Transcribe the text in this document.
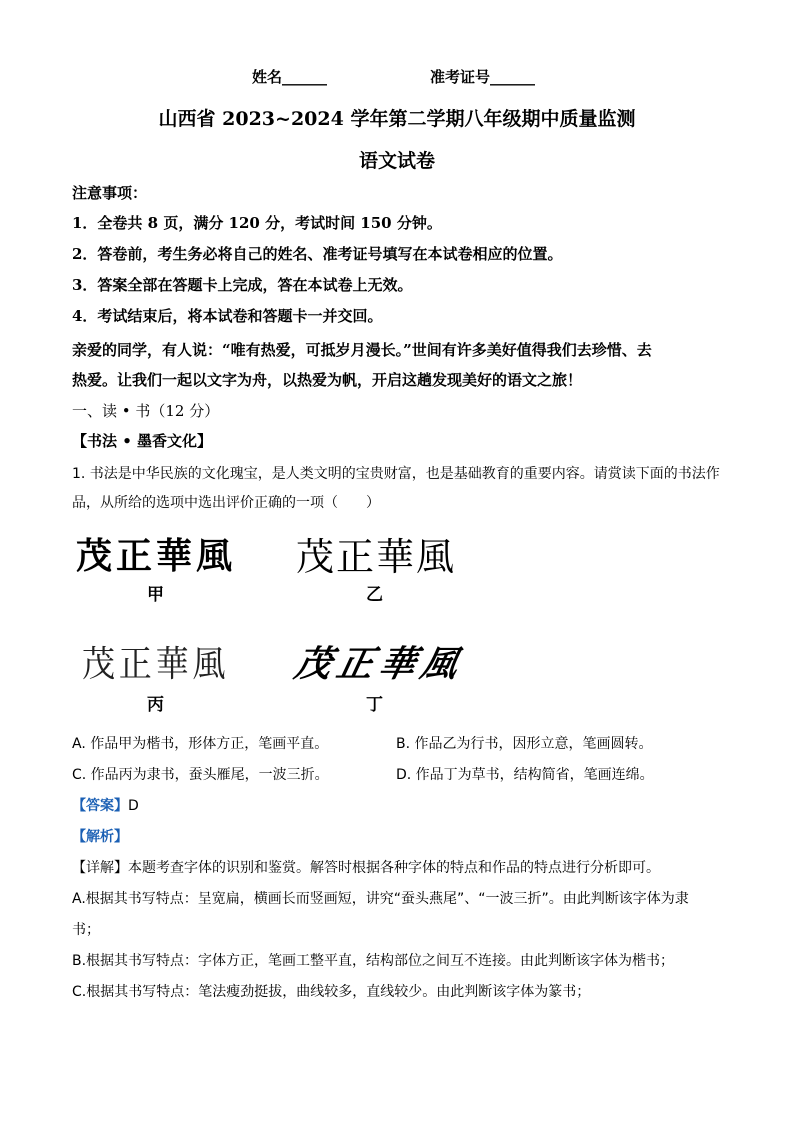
姓名______	准考证号______
山西省 2023~2024 学年第二学期八年级期中质量监测
语文试卷
注意事项：
1．全卷共 8 页，满分 120 分，考试时间 150 分钟。
2．答卷前，考生务必将自己的姓名、准考证号填写在本试卷相应的位置。
3．答案全部在答题卡上完成，答在本试卷上无效。
4．考试结束后，将本试卷和答题卡一并交回。
亲爱的同学，有人说：“唯有热爱，可抵岁月漫长。”世间有许多美好值得我们去珍惜、去
热爱。让我们一起以文字为舟，以热爱为帆，开启这趟发现美好的语文之旅！
一、读 • 书（12 分）
【书法 • 墨香文化】
1. 书法是中华民族的文化瑰宝，是人类文明的宝贵财富，也是基础教育的重要内容。请赏读下面的书法作
品，从所给的选项中选出评价正确的一项（　　）
茂正華風 茂正華風
茂正華風 茂正華風
甲	乙
丙	丁
A. 作品甲为楷书，形体方正，笔画平直。	B. 作品乙为行书，因形立意，笔画圆转。
C. 作品丙为隶书，蚕头雁尾，一波三折。	D. 作品丁为草书，结构简省，笔画连绵。
【答案】D
【解析】
【详解】本题考查字体的识别和鉴赏。解答时根据各种字体的特点和作品的特点进行分析即可。
A.根据其书写特点：呈宽扁，横画长而竖画短，讲究“蚕头燕尾”、“一波三折”。由此判断该字体为隶
书；
B.根据其书写特点：字体方正，笔画工整平直，结构部位之间互不连接。由此判断该字体为楷书；
C.根据其书写特点：笔法瘦劲挺拔，曲线较多，直线较少。由此判断该字体为篆书；
